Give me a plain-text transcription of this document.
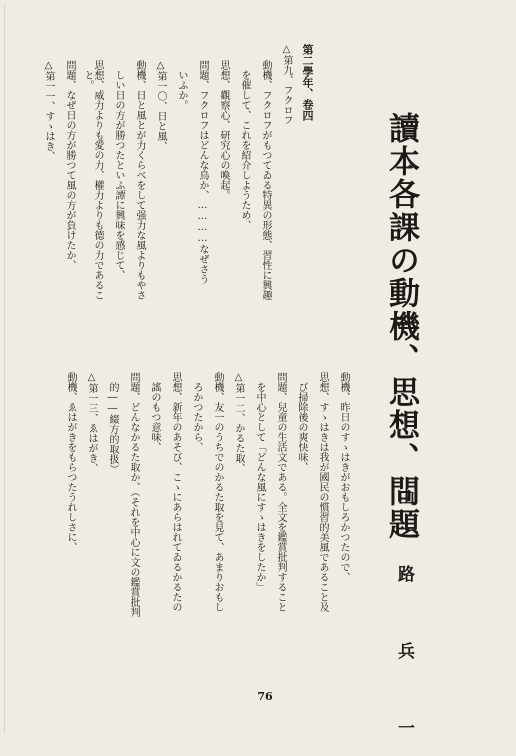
讀本各課の動機、思想、問題
山 路 兵 一
第二學年、卷四
△第九、フクロフ
動機、フクロフがもつてゐる特異の形態、習性に興趣
を催して、これを紹介しようため、
思想、觀察心、研究心の喚起。
問題、フクロフはどんな鳥か、…………なぜさう
いふか。
△第一〇、日と風、
動機、日と風とが力くらべをして强力な風よりもやさ
しい日の方が勝つたといふ譚に興味を感じて、
思想、威力よりも愛の力、權力よりも德の力であるこ
と。
問題、なぜ日の方が勝つて風の方が負けたか、
△第一一、すゝはき、
動機、昨日のすゝはきがおもしろかつたので、
思想、すゝはきは我が國民の慣習的美風であること及
び掃除後の爽快味、
問題、兒童の生活文である。全文を鑑賞批判すること
を中心として「どんな風にすゝはきをしたか」
△第一二、かるた取、
動機、友一のうちでのかるた取を見て、あまりおもし
ろかつたから、
思想、新年のあそび、こゝにあらはれてゐるかるたの
謠のもつ意味、
問題、どんなかるた取か、（それを中心に文の鑑賞批判
的――綴方的取扱）
△第一三、ゑはがき、
動機、ゑはがきをもらつたうれしさに、
76
